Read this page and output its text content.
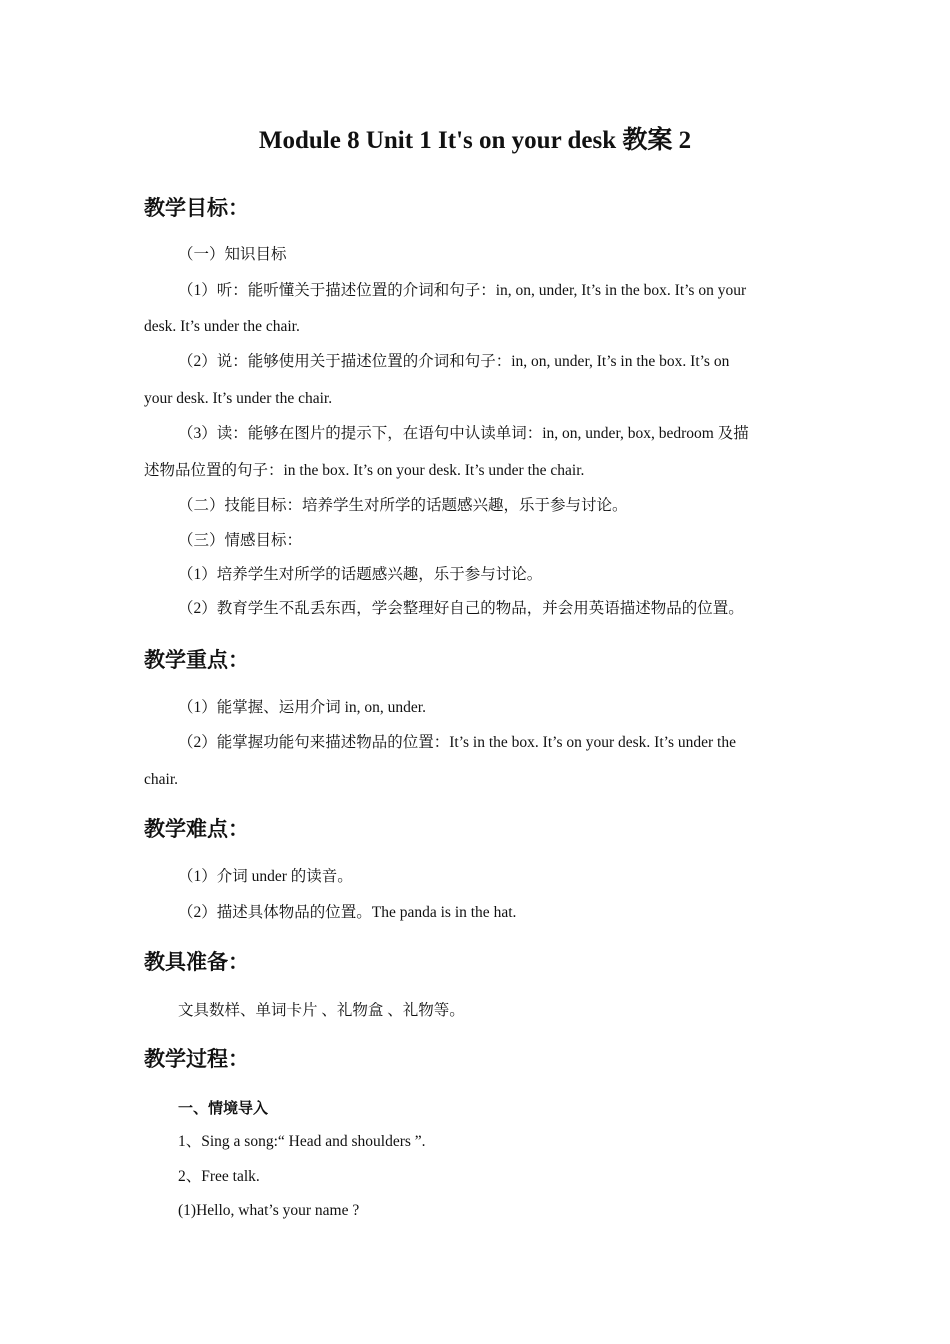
Module 8 Unit 1 It's on your desk 教案 2
教学目标：

（一）知识目标

（1）听：能听懂关于描述位置的介词和句子：in, on, under, It’s in the box. It’s on your

desk. It’s under the chair.

（2）说：能够使用关于描述位置的介词和句子：in, on, under, It’s in the box. It’s on

your desk. It’s under the chair.

（3）读：能够在图片的提示下，在语句中认读单词：in, on, under, box, bedroom 及描

述物品位置的句子：in the box. It’s on your desk. It’s under the chair.

（二）技能目标：培养学生对所学的话题感兴趣，乐于参与讨论。

（三）情感目标：

（1）培养学生对所学的话题感兴趣，乐于参与讨论。

（2）教育学生不乱丢东西，学会整理好自己的物品，并会用英语描述物品的位置。

教学重点：

（1）能掌握、运用介词 in, on, under.

（2）能掌握功能句来描述物品的位置：It’s in the box. It’s on your desk. It’s under the

chair.

教学难点：

（1）介词 under 的读音。

（2）描述具体物品的位置。The panda is in the hat.

教具准备：

文具数样、单词卡片 、礼物盒 、礼物等。

教学过程：

一、情境导入

1、Sing a song:“ Head and shoulders ”.

2、Free talk.

(1)Hello, what’s your name ?
